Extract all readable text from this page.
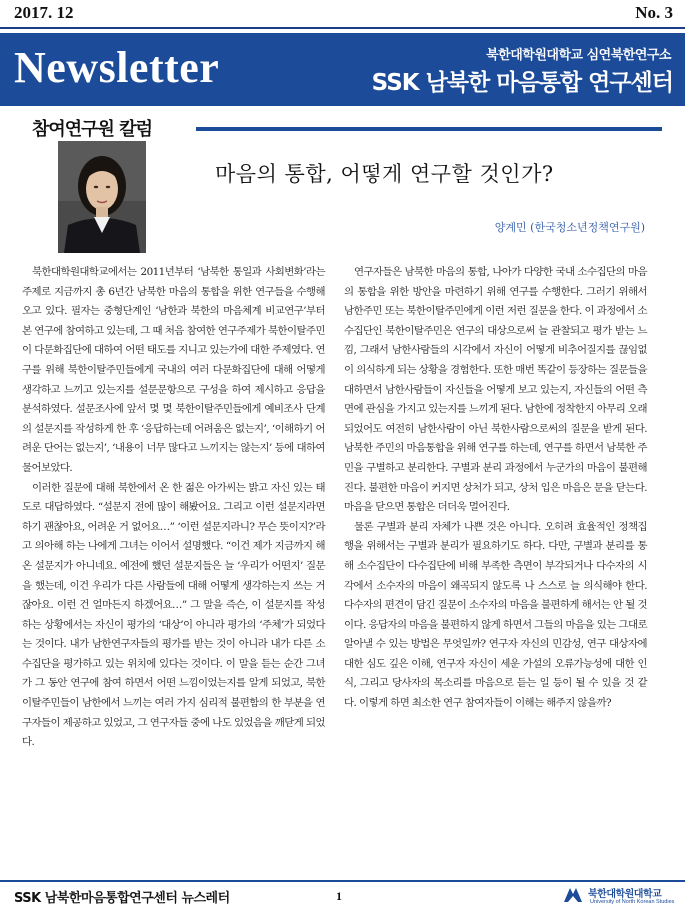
2017. 12	No. 3
Newsletter	북한대학원대학교 심연북한연구소
SSK 남북한 마음통합 연구센터
참여연구원 칼럼
마음의 통합, 어떻게 연구할 것인가?
양계민 (한국청소년정책연구원)

북한대학원대학교에서는 2011년부터 ‘남북한 통일과 사회변화’라는 주제로 지금까지 총 6년간 남북한 마음의 통합을 위한 연구들을 수행해오고 있다. 필자는 중형단계인 ‘남한과 북한의 마음체계 비교연구’부터 본 연구에 참여하고 있는데, 그 때 처음 참여한 연구주제가 북한이탈주민이 다문화집단에 대하여 어떤 태도를 지니고 있는가에 대한 주제였다. 연구를 위해 북한이탈주민들에게 국내의 여러 다문화집단에 대해 어떻게 생각하고 느끼고 있는지를 설문문항으로 구성을 하여 제시하고 응답을 분석하였다. 설문조사에 앞서 몇 몇 북한이탈주민들에게 예비조사 단계의 설문지를 작성하게 한 후 ‘응답하는데 어려움은 없는지’, ‘이해하기 어려운 단어는 없는지’, ‘내용이 너무 많다고 느끼지는 않는지’ 등에 대하여 물어보았다.

이러한 질문에 대해 북한에서 온 한 젊은 아가씨는 밝고 자신 있는 태도로 대답하였다. “설문지 전에 많이 해봤어요. 그리고 이런 설문지라면 하기 괜찮아요, 어려운 거 없어요…” ‘이런 설문지라니? 무슨 뜻이지?’라고 의아해 하는 나에게 그녀는 이어서 설명했다. “이건 제가 지금까지 해온 설문지가 아니네요. 예전에 했던 설문지들은 늘 ‘우리가 어떤지’ 질문을 했는데, 이건 우리가 다른 사람들에 대해 어떻게 생각하는지 쓰는 거잖아요. 이런 건 얼마든지 하겠어요…” 그 말을 즉슨, 이 설문지를 작성하는 상황에서는 자신이 평가의 ‘대상’이 아니라 평가의 ‘주체’가 되었다는 것이다. 내가 남한연구자들의 평가를 받는 것이 아니라 내가 다른 소수집단을 평가하고 있는 위치에 있다는 것이다. 이 말을 듣는 순간 그녀가 그 동안 연구에 참여 하면서 어떤 느낌이었는지를 알게 되었고, 북한이탈주민들이 남한에서 느끼는 여러 가지 심리적 불편함의 한 부분을 연구자들이 제공하고 있었고, 그 연구자들 중에 나도 있었음을 깨닫게 되었다.

연구자들은 남북한 마음의 통합, 나아가 다양한 국내 소수집단의 마음의 통합을 위한 방안을 마련하기 위해 연구를 수행한다. 그러기 위해서 남한주민 또는 북한이탈주민에게 이런 저런 질문을 한다. 이 과정에서 소수집단인 북한이탈주민은 연구의 대상으로써 늘 관찰되고 평가 받는 느낌, 그래서 남한사람들의 시각에서 자신이 어떻게 비추어질지를 끊임없이 의식하게 되는 상황을 경험한다. 또한 매번 똑같이 등장하는 질문들을 대하면서 남한사람들이 자신들을 어떻게 보고 있는지, 자신들의 어떤 측면에 관심을 가지고 있는지를 느끼게 된다. 남한에 정착한지 아무리 오래 되었어도 여전히 남한사람이 아닌 북한사람으로써의 질문을 받게 된다. 남북한 주민의 마음통합을 위해 연구를 하는데, 연구를 하면서 남북한 주민을 구별하고 분리한다. 구별과 분리 과정에서 누군가의 마음이 불편해진다. 불편한 마음이 커지면 상처가 되고, 상처 입은 마음은 문을 닫는다. 마음을 닫으면 통합은 더더욱 멀어진다.

물론 구별과 분리 자체가 나쁜 것은 아니다. 오히려 효율적인 정책집행을 위해서는 구별과 분리가 필요하기도 하다. 다만, 구별과 분리를 통해 소수집단이 다수집단에 비해 부족한 측면이 부각되거나 다수자의 시각에서 소수자의 마음이 왜곡되지 않도록 나 스스로 늘 의식해야 한다. 다수자의 편견이 담긴 질문이 소수자의 마음을 불편하게 해서는 안 될 것이다. 응답자의 마음을 불편하지 않게 하면서 그들의 마음을 있는 그대로 알아낼 수 있는 방법은 무엇일까? 연구자 자신의 민감성, 연구 대상자에 대한 심도 깊은 이해, 연구자 자신이 세운 가설의 오류가능성에 대한 인식, 그리고 당사자의 목소리를 마음으로 듣는 일 등이 될 수 있을 것 같다. 이렇게 하면 최소한 연구 참여자들이 이해는 해주지 않을까?

SSK 남북한마음통합연구센터 뉴스레터	1	북한대학원대학교
University of North Korean Studies
